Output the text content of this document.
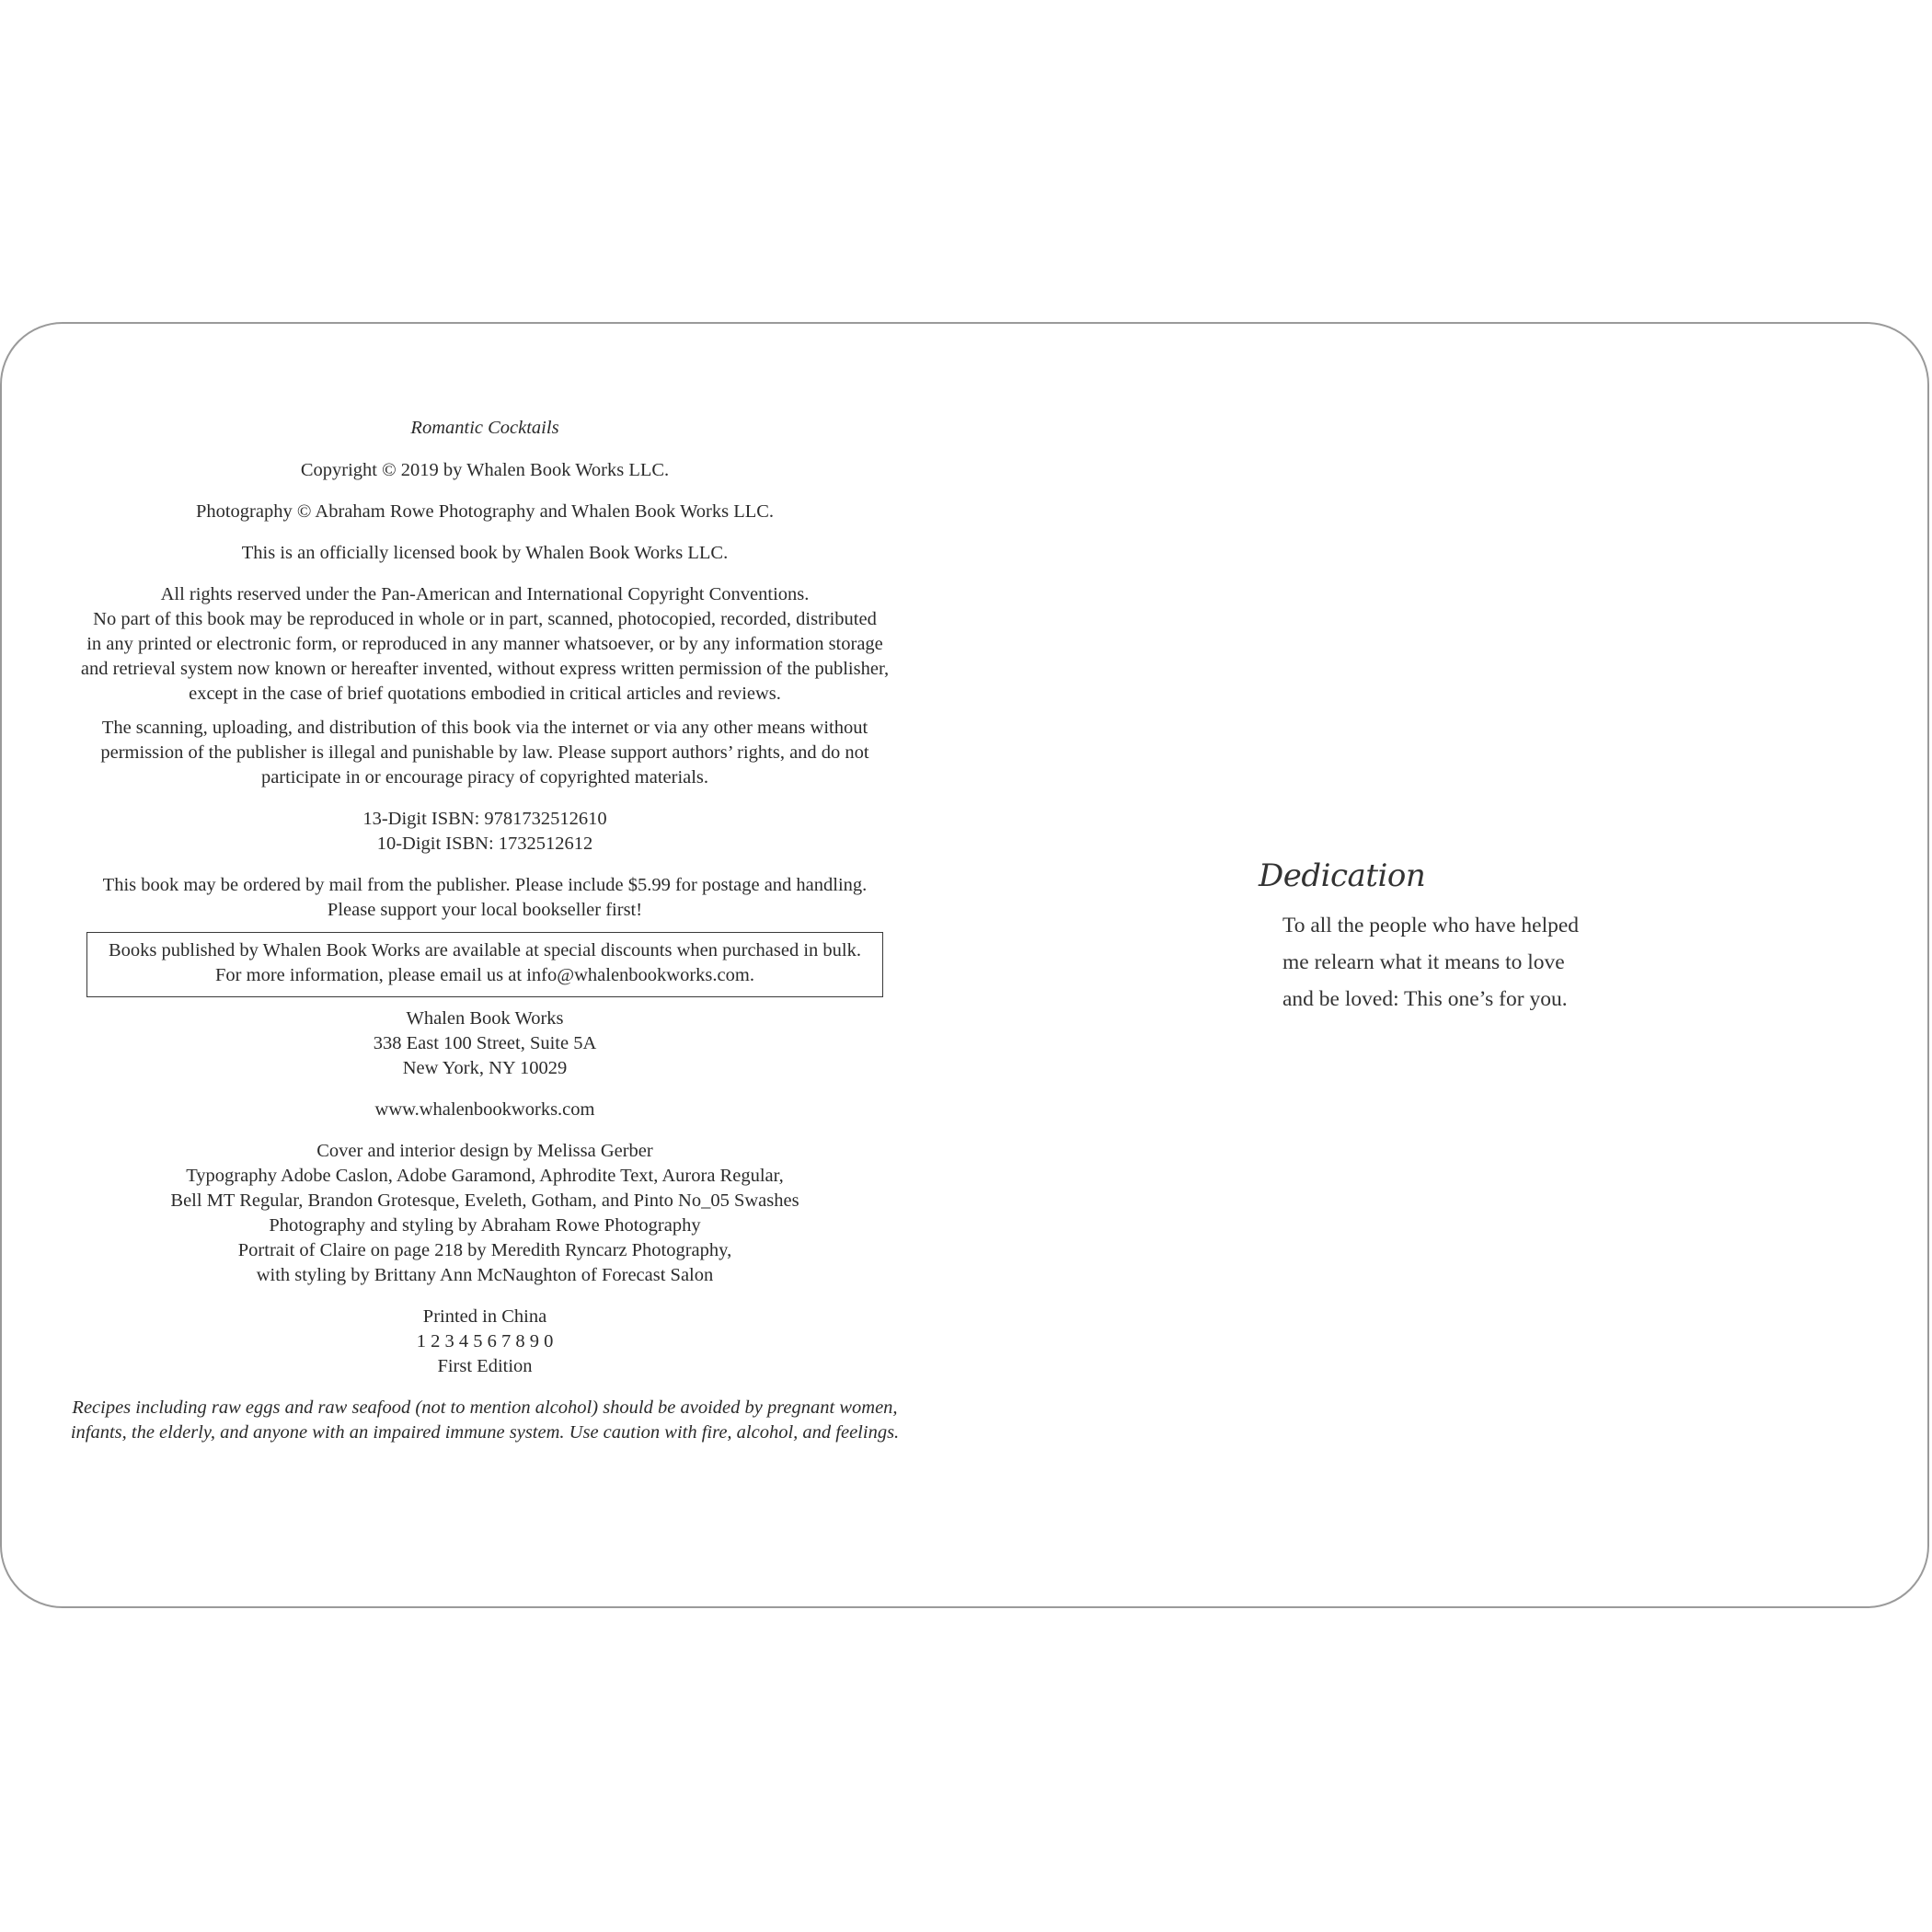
Romantic Cocktails

Copyright © 2019 by Whalen Book Works LLC.

Photography © Abraham Rowe Photography and Whalen Book Works LLC.

This is an officially licensed book by Whalen Book Works LLC.

All rights reserved under the Pan-American and International Copyright Conventions.

No part of this book may be reproduced in whole or in part, scanned, photocopied, recorded, distributed

in any printed or electronic form, or reproduced in any manner whatsoever, or by any information storage

and retrieval system now known or hereafter invented, without express written permission of the publisher,

except in the case of brief quotations embodied in critical articles and reviews.

The scanning, uploading, and distribution of this book via the internet or via any other means without

permission of the publisher is illegal and punishable by law. Please support authors’ rights, and do not

participate in or encourage piracy of copyrighted materials.

13-Digit ISBN: 9781732512610

10-Digit ISBN: 1732512612

This book may be ordered by mail from the publisher. Please include $5.99 for postage and handling.

Please support your local bookseller first!

Books published by Whalen Book Works are available at special discounts when purchased in bulk.

For more information, please email us at info@whalenbookworks.com.

Whalen Book Works

338 East 100 Street, Suite 5A

New York, NY 10029

www.whalenbookworks.com

Cover and interior design by Melissa Gerber

Typography Adobe Caslon, Adobe Garamond, Aphrodite Text, Aurora Regular,

Bell MT Regular, Brandon Grotesque, Eveleth, Gotham, and Pinto No_05 Swashes

Photography and styling by Abraham Rowe Photography

Portrait of Claire on page 218 by Meredith Ryncarz Photography,

with styling by Brittany Ann McNaughton of Forecast Salon

Printed in China

1 2 3 4 5 6 7 8 9 0

First Edition

Recipes including raw eggs and raw seafood (not to mention alcohol) should be avoided by pregnant women,

infants, the elderly, and anyone with an impaired immune system. Use caution with fire, alcohol, and feelings.

Dedication

To all the people who have helped
me relearn what it means to love
and be loved: This one’s for you.
